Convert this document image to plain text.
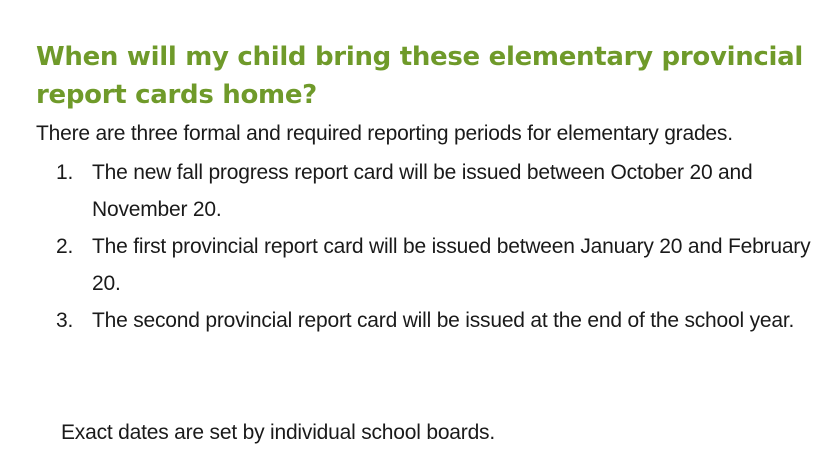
When will my child bring these elementary provincial report cards home?

There are three formal and required reporting periods for elementary grades.

1. The new fall progress report card will be issued between October 20 and November 20.
2. The first provincial report card will be issued between January 20 and February 20.
3. The second provincial report card will be issued at the end of the school year.

Exact dates are set by individual school boards.
